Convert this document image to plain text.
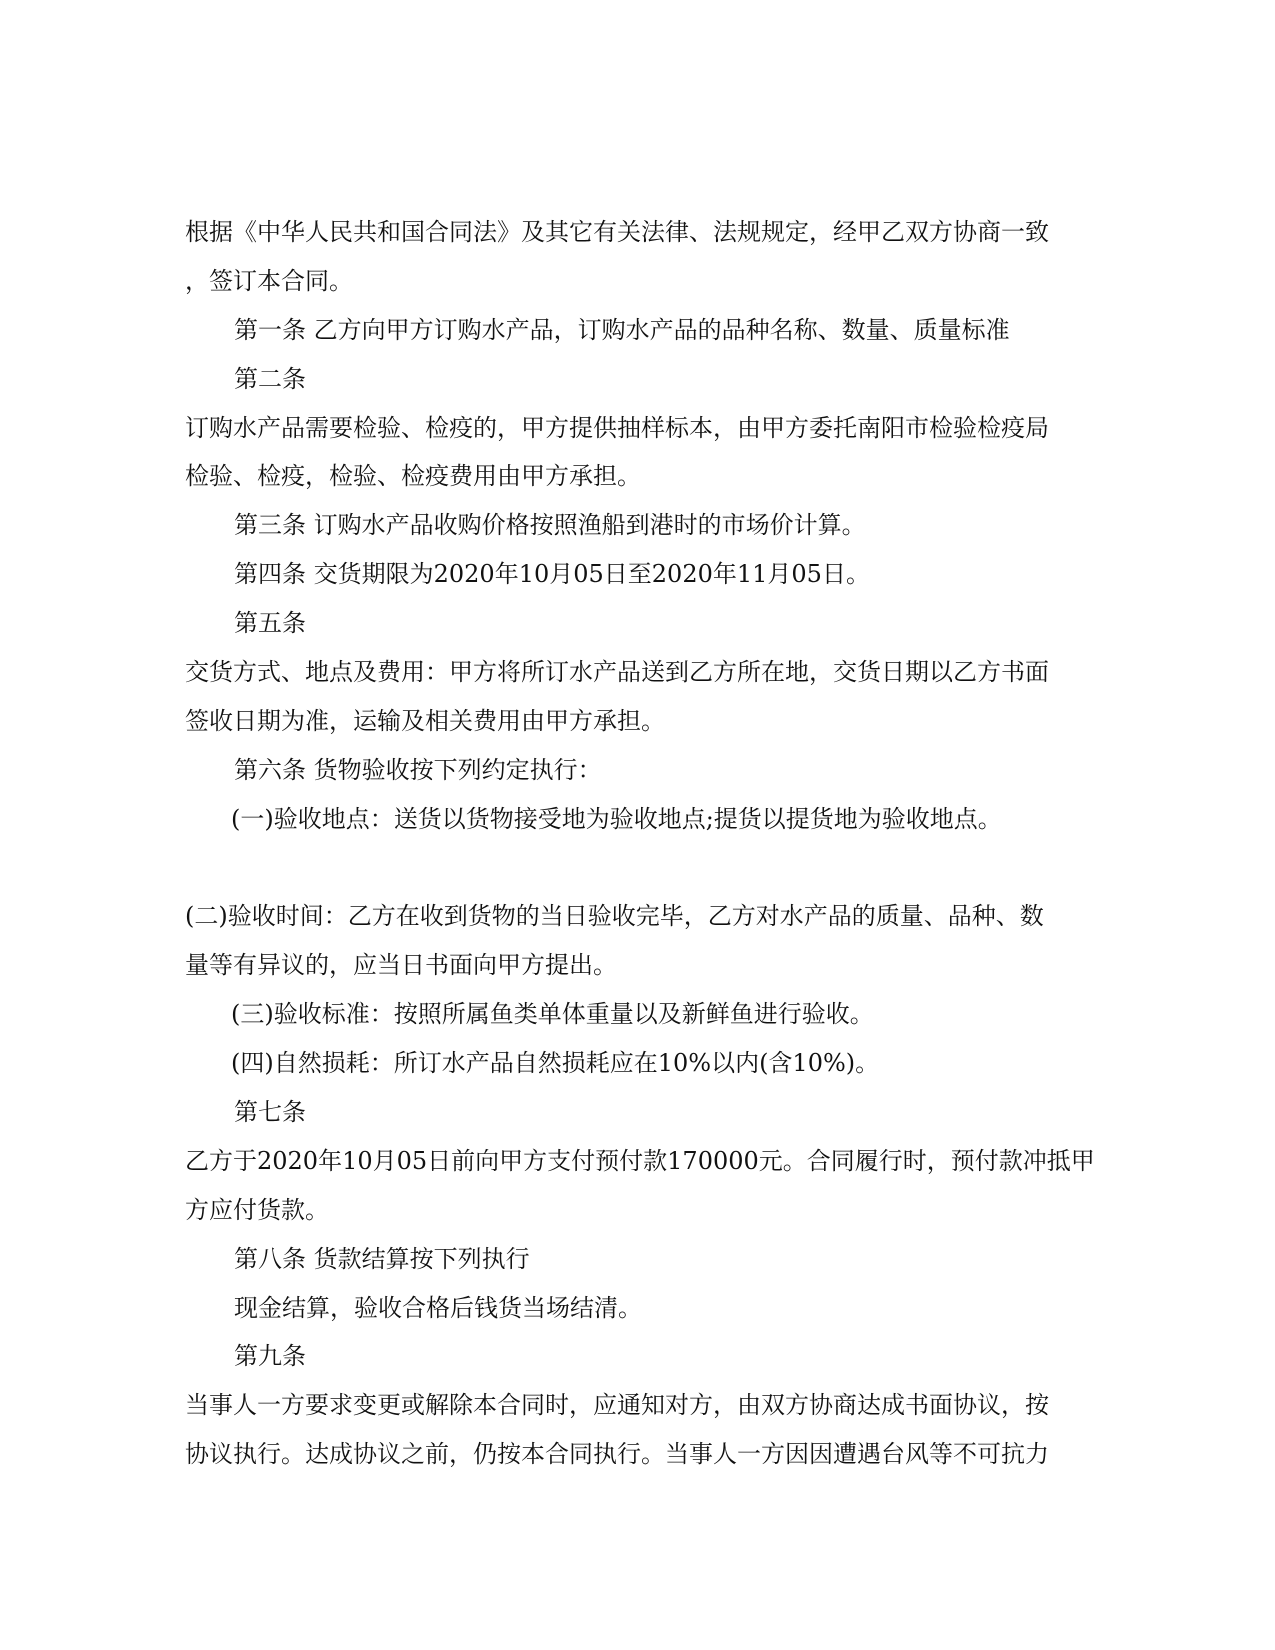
根据《中华人民共和国合同法》及其它有关法律、法规规定，经甲乙双方协商一致
，签订本合同。
第一条 乙方向甲方订购水产品，订购水产品的品种名称、数量、质量标准
第二条
订购水产品需要检验、检疫的，甲方提供抽样标本，由甲方委托南阳市检验检疫局
检验、检疫，检验、检疫费用由甲方承担。
第三条 订购水产品收购价格按照渔船到港时的市场价计算。
第四条 交货期限为2020年10月05日至2020年11月05日。
第五条
交货方式、地点及费用：甲方将所订水产品送到乙方所在地，交货日期以乙方书面
签收日期为准，运输及相关费用由甲方承担。
第六条 货物验收按下列约定执行：
(一)验收地点：送货以货物接受地为验收地点;提货以提货地为验收地点。
(二)验收时间：乙方在收到货物的当日验收完毕，乙方对水产品的质量、品种、数
量等有异议的，应当日书面向甲方提出。
(三)验收标准：按照所属鱼类单体重量以及新鲜鱼进行验收。
(四)自然损耗：所订水产品自然损耗应在10%以内(含10%)。
第七条
乙方于2020年10月05日前向甲方支付预付款170000元。合同履行时，预付款冲抵甲
方应付货款。
第八条 货款结算按下列执行
现金结算，验收合格后钱货当场结清。
第九条
当事人一方要求变更或解除本合同时，应通知对方，由双方协商达成书面协议，按
协议执行。达成协议之前，仍按本合同执行。当事人一方因因遭遇台风等不可抗力
